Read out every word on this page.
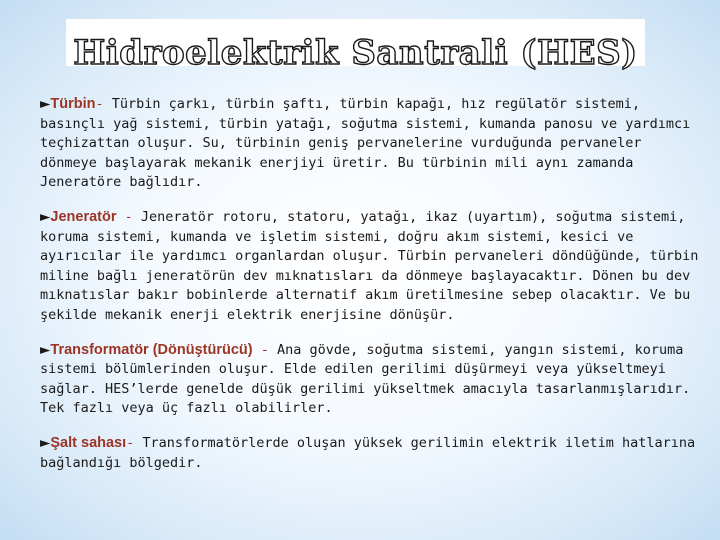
Hidroelektrik Santrali (HES)

►Türbin- Türbin çarkı, türbin şaftı, türbin kapağı, hız regülatör sistemi, basınçlı yağ sistemi, türbin yatağı, soğutma sistemi, kumanda panosu ve yardımcı teçhizattan oluşur. Su, türbinin geniş pervanelerine vurduğunda pervaneler dönmeye başlayarak mekanik enerjiyi üretir. Bu türbinin mili aynı zamanda Jeneratöre bağlıdır.

►Jeneratör - Jeneratör rotoru, statoru, yatağı, ikaz (uyartım), soğutma sistemi, koruma sistemi, kumanda ve işletim sistemi, doğru akım sistemi, kesici ve ayırıcılar ile yardımcı organlardan oluşur. Türbin pervaneleri döndüğünde, türbin miline bağlı jeneratörün dev mıknatısları da dönmeye başlayacaktır. Dönen bu dev mıknatıslar bakır bobinlerde alternatif akım üretilmesine sebep olacaktır. Ve bu şekilde mekanik enerji elektrik enerjisine dönüşür.

►Transformatör (Dönüştürücü) - Ana gövde, soğutma sistemi, yangın sistemi, koruma sistemi bölümlerinden oluşur. Elde edilen gerilimi düşürmeyi veya yükseltmeyi sağlar. HES’lerde genelde düşük gerilimi yükseltmek amacıyla tasarlanmışlarıdır. Tek fazlı veya üç fazlı olabilirler.

►Şalt sahası- Transformatörlerde oluşan yüksek gerilimin elektrik iletim hatlarına bağlandığı bölgedir.
